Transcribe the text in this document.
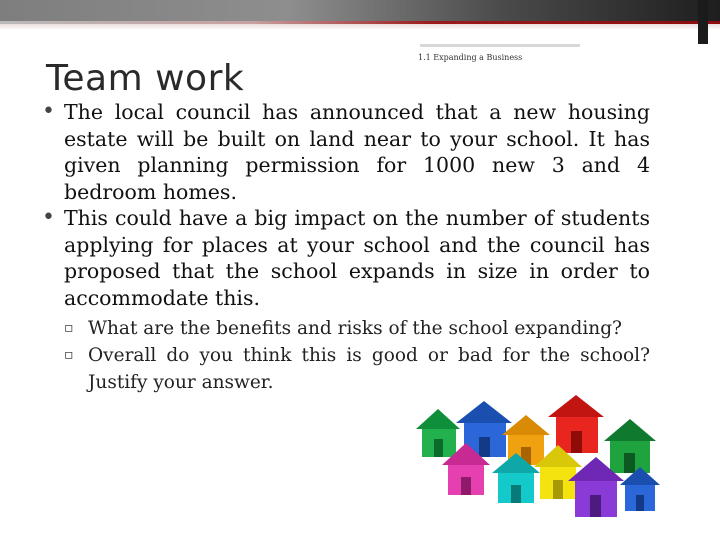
1.1 Expanding a Business
Team work

• The local council has announced that a new housing estate will be built on land near to your school. It has given planning permission for 1000 new 3 and 4 bedroom homes.

• This could have a big impact on the number of students applying for places at your school and the council has proposed that the school expands in size in order to accommodate this.

▫ What are the benefits and risks of the school expanding?

▫ Overall do you think this is good or bad for the school? Justify your answer.
